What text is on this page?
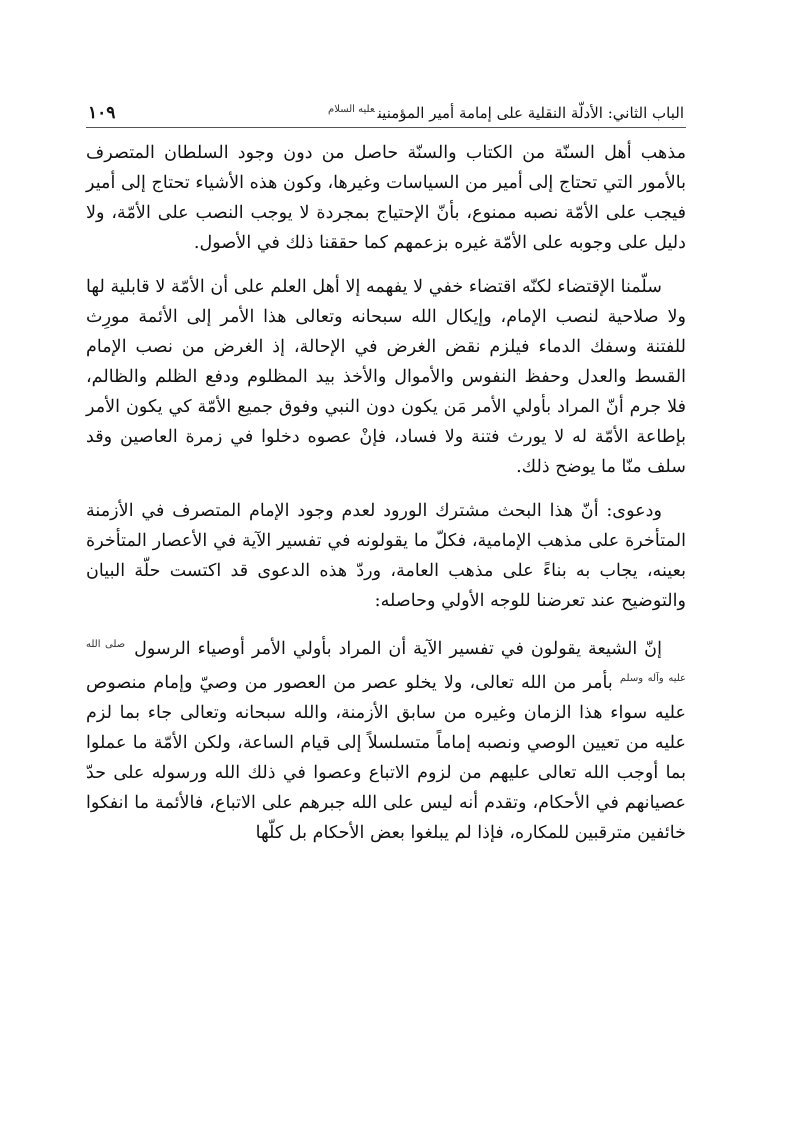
الباب الثاني: الأدلّة النقلية على إمامة أمير المؤمنين$^{عليه السلام}$
١٠٩

مذهب أهل السنّة من الكتاب والسنّة حاصل من دون وجود السلطان المتصرف بالأمور التي تحتاج إلى أمير من السياسات وغيرها، وكون هذه الأشياء تحتاج إلى أمير فيجب على الأمّة نصبه ممنوع، بأنّ الإحتياج بمجردة لا يوجب النصب على الأمّة، ولا دليل على وجوبه على الأمّة غيره بزعمهم كما حققنا ذلك في الأصول.

سلّمنا الإقتضاء لكنّه اقتضاء خفي لا يفهمه إلا أهل العلم على أن الأمّة لا قابلية لها ولا صلاحية لنصب الإمام، وإيكال الله سبحانه وتعالى هذا الأمر إلى الأئمة مورِث للفتنة وسفك الدماء فيلزم نقض الغرض في الإحالة، إذ الغرض من نصب الإمام القسط والعدل وحفظ النفوس والأموال والأخذ بيد المظلوم ودفع الظلم والظالم، فلا جرم أنّ المراد بأولي الأمر مَن يكون دون النبي وفوق جميع الأمّة كي يكون الأمر بإطاعة الأمّة له لا يورث فتنة ولا فساد، فإنْ عصوه دخلوا في زمرة العاصين وقد سلف منّا ما يوضح ذلك.

ودعوى: أنّ هذا البحث مشترك الورود لعدم وجود الإمام المتصرف في الأزمنة المتأخرة على مذهب الإمامية، فكلّ ما يقولونه في تفسير الآية في الأعصار المتأخرة بعينه، يجاب به بناءً على مذهب العامة، وردّ هذه الدعوى قد اكتست حلّة البيان والتوضيح عند تعرضنا للوجه الأولي وحاصله:

إنّ الشيعة يقولون في تفسير الآية أن المراد بأولي الأمر أوصياء الرسول $^{صلى الله عليه وآله وسلم}$ بأمر من الله تعالى، ولا يخلو عصر من العصور من وصيّ وإمام منصوص عليه سواء هذا الزمان وغيره من سابق الأزمنة، والله سبحانه وتعالى جاء بما لزم عليه من تعيين الوصي ونصبه إماماً متسلسلاً إلى قيام الساعة، ولكن الأمّة ما عملوا بما أوجب الله تعالى عليهم من لزوم الاتباع وعصوا في ذلك الله ورسوله على حدّ عصيانهم في الأحكام، وتقدم أنه ليس على الله جبرهم على الاتباع، فالأئمة ما انفكوا خائفين مترقبين للمكاره، فإذا لم يبلغوا بعض الأحكام بل كلّها
